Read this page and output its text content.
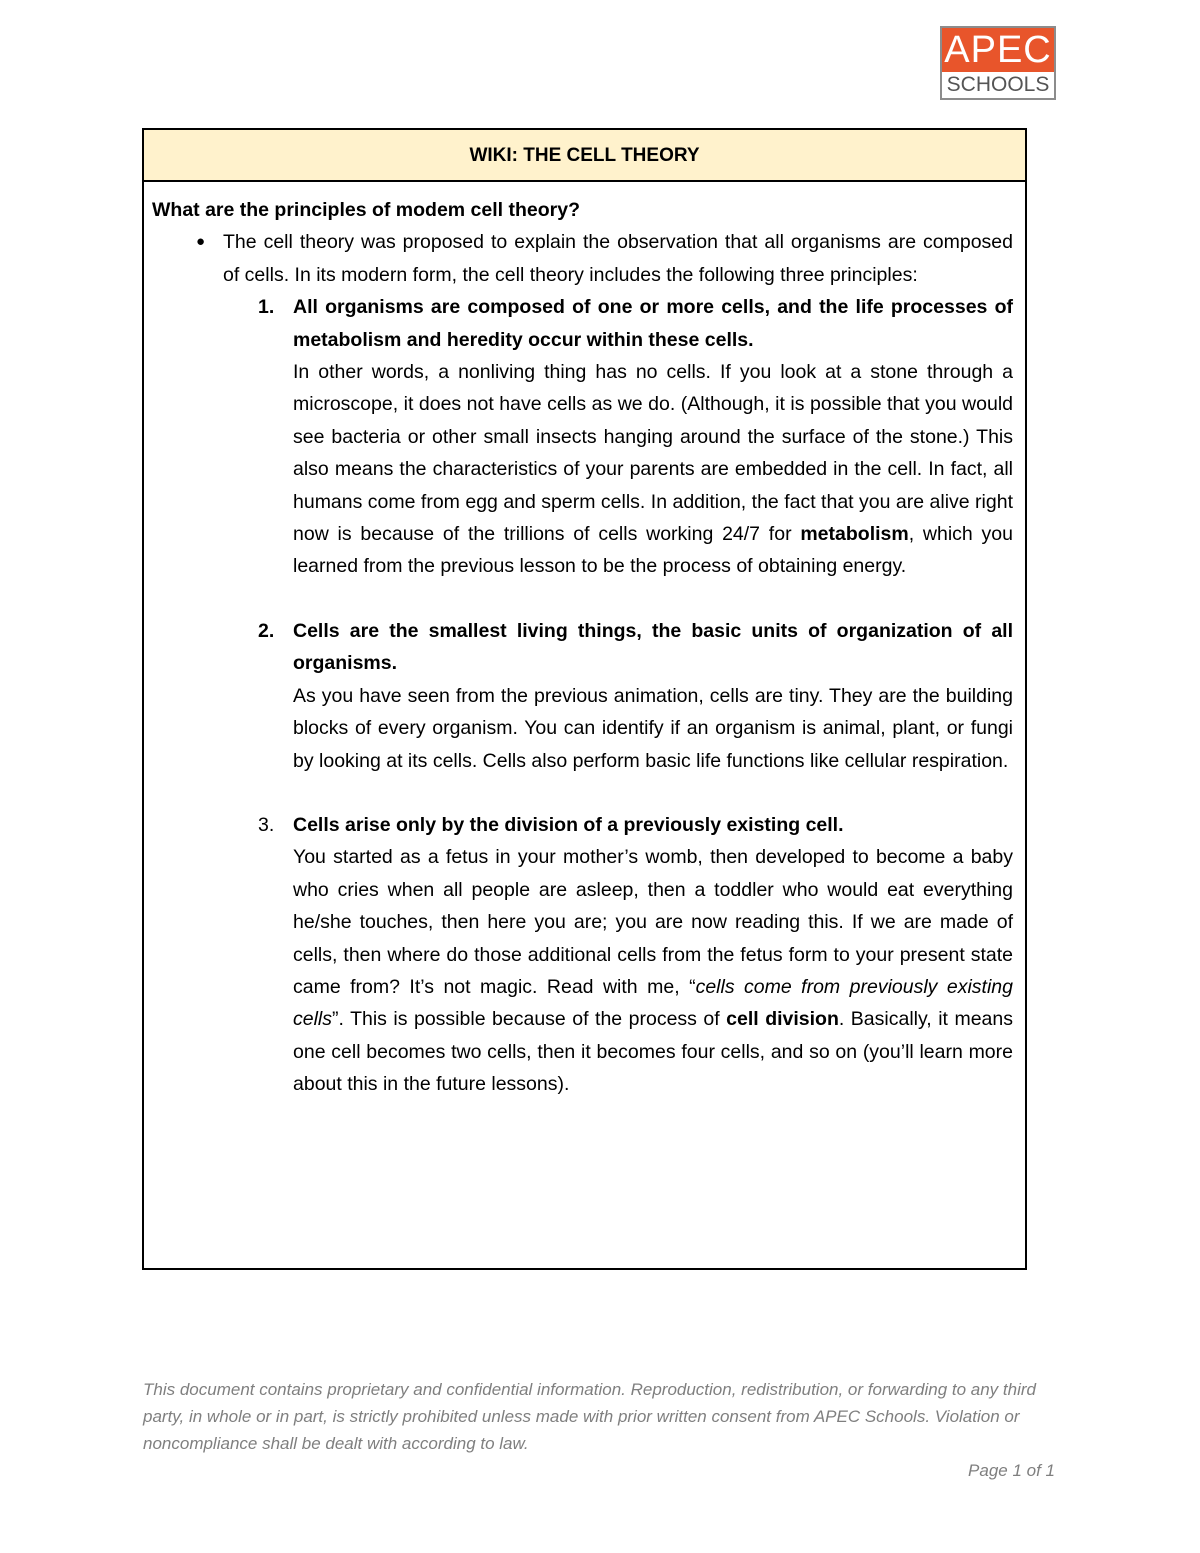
APEC
SCHOOLS
WIKI: THE CELL THEORY
What are the principles of modem cell theory?
● The cell theory was proposed to explain the observation that all organisms are composed of cells. In its modern form, the cell theory includes the following three principles:
1. All organisms are composed of one or more cells, and the life processes of metabolism and heredity occur within these cells.
In other words, a nonliving thing has no cells. If you look at a stone through a microscope, it does not have cells as we do. (Although, it is possible that you would see bacteria or other small insects hanging around the surface of the stone.) This also means the characteristics of your parents are embedded in the cell. In fact, all humans come from egg and sperm cells. In addition, the fact that you are alive right now is because of the trillions of cells working 24/7 for metabolism, which you learned from the previous lesson to be the process of obtaining energy.
2. Cells are the smallest living things, the basic units of organization of all organisms.
As you have seen from the previous animation, cells are tiny. They are the building blocks of every organism. You can identify if an organism is animal, plant, or fungi by looking at its cells. Cells also perform basic life functions like cellular respiration.
3. Cells arise only by the division of a previously existing cell.
You started as a fetus in your mother’s womb, then developed to become a baby who cries when all people are asleep, then a toddler who would eat everything he/she touches, then here you are; you are now reading this. If we are made of cells, then where do those additional cells from the fetus form to your present state came from? It’s not magic. Read with me, “cells come from previously existing cells”. This is possible because of the process of cell division. Basically, it means one cell becomes two cells, then it becomes four cells, and so on (you’ll learn more about this in the future lessons).
This document contains proprietary and confidential information. Reproduction, redistribution, or forwarding to any third party, in whole or in part, is strictly prohibited unless made with prior written consent from APEC Schools. Violation or noncompliance shall be dealt with according to law.
Page 1 of 1
